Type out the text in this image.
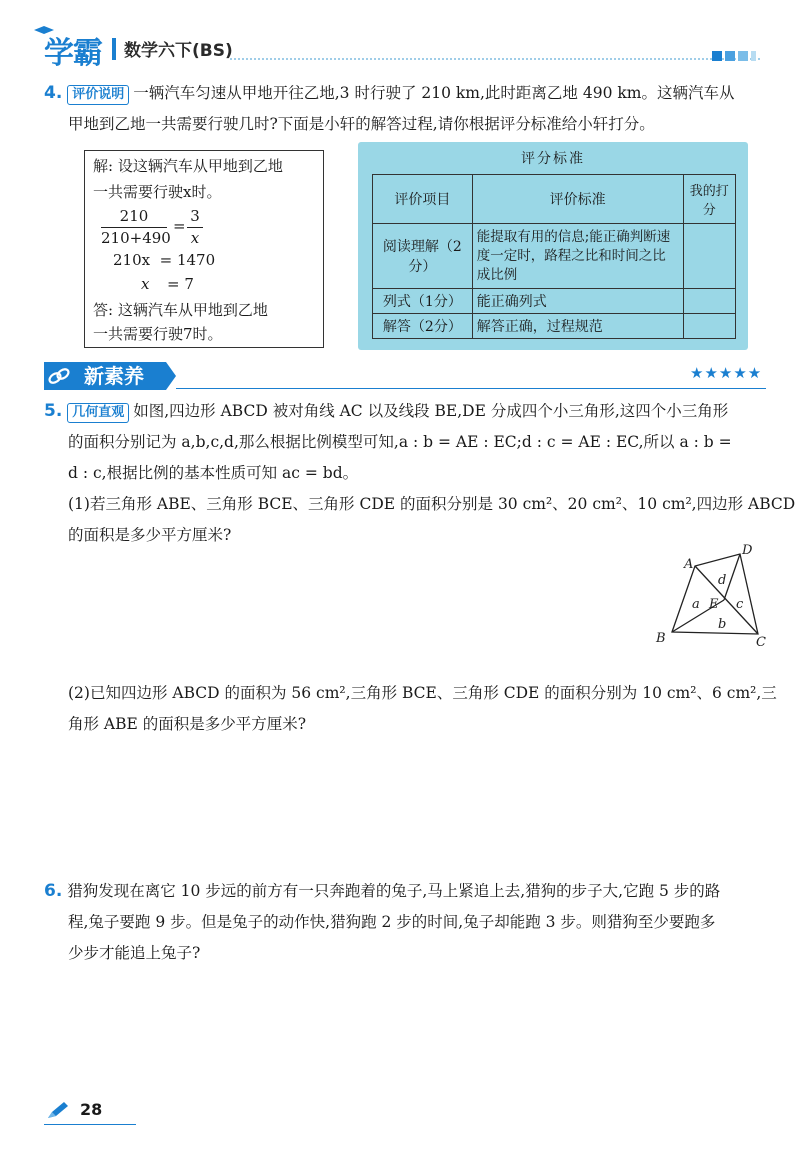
学霸 数学六下(BS)
4. 评价说明 一辆汽车匀速从甲地开往乙地,3 时行驶了 210 km,此时距离乙地 490 km。这辆汽车从
甲地到乙地一共需要行驶几时?下面是小轩的解答过程,请你根据评分标准给小轩打分。
解: 设这辆汽车从甲地到乙地
一共需要行驶x时。
210
210+490
=
3
x
210x  = 1470
x = 7
答: 这辆汽车从甲地到乙地
一共需要行驶7时。
评分标准
评价项目	评价标准	我的打分
阅读理解（2分）	能提取有用的信息;能正确判断速度一定时，路程之比和时间之比成比例	
列式（1分）	能正确列式	
解答（2分）	解答正确，过程规范	
新素养	★★★★★
5. 几何直观 如图,四边形 ABCD 被对角线 AC 以及线段 BE,DE 分成四个小三角形,这四个小三角形
的面积分别记为 a,b,c,d,那么根据比例模型可知,a : b = AE : EC;d : c = AE : EC,所以 a : b =
d : c,根据比例的基本性质可知 ac = bd。
(1)若三角形 ABE、三角形 BCE、三角形 CDE 的面积分别是 30 cm²、20 cm²、10 cm²,四边形 ABCD
的面积是多少平方厘米?
A
B	C
D
E
a
b
c
d
(2)已知四边形 ABCD 的面积为 56 cm²,三角形 BCE、三角形 CDE 的面积分别为 10 cm²、6 cm²,三
角形 ABE 的面积是多少平方厘米?
6. 猎狗发现在离它 10 步远的前方有一只奔跑着的兔子,马上紧追上去,猎狗的步子大,它跑 5 步的路
程,兔子要跑 9 步。但是兔子的动作快,猎狗跑 2 步的时间,兔子却能跑 3 步。则猎狗至少要跑多
少步才能追上兔子?
28
